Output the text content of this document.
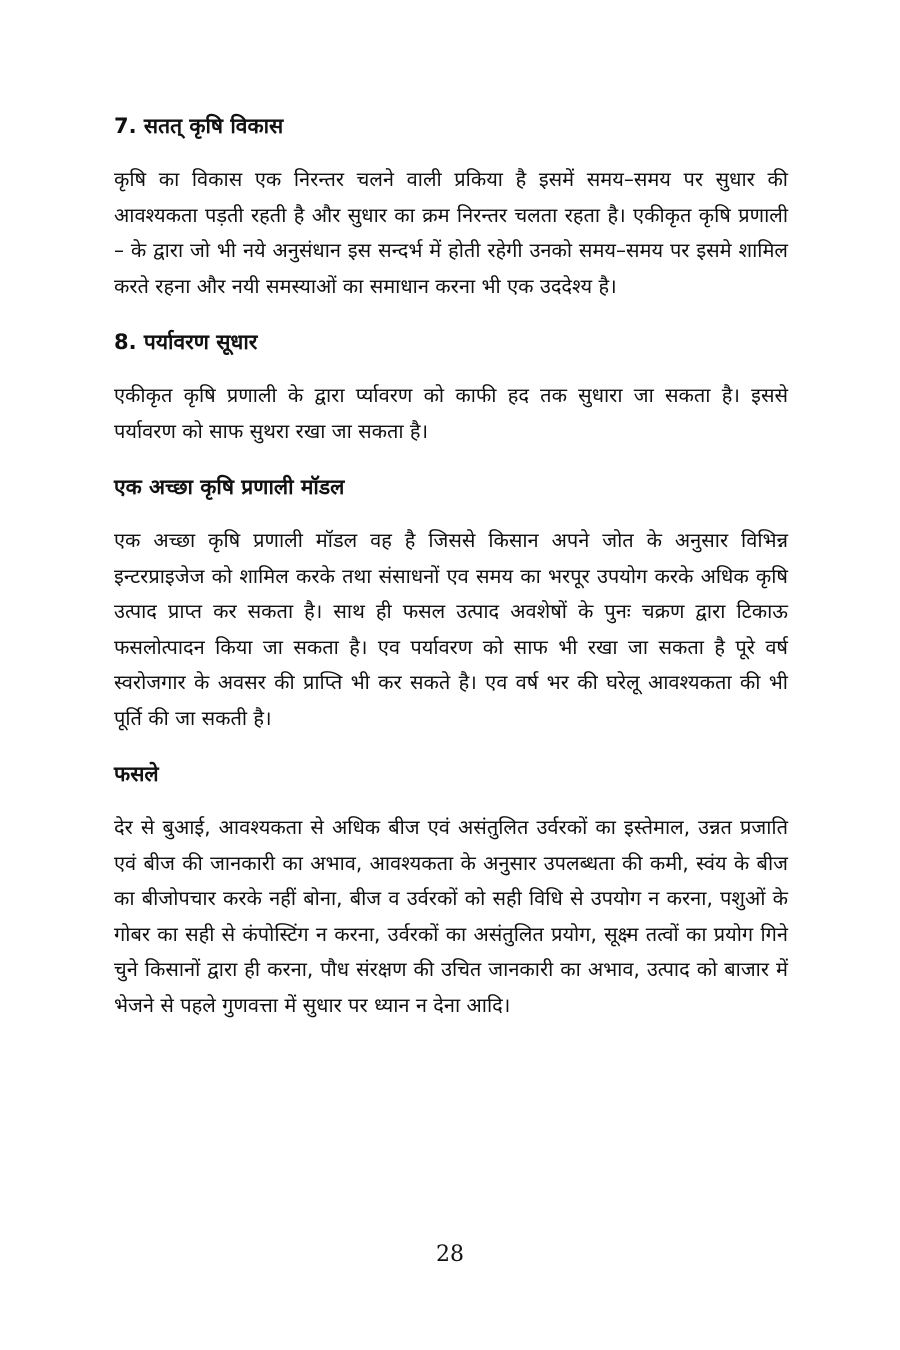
7. सतत् कृषि विकास

कृषि का विकास एक निरन्तर चलने वाली प्रकिया है इसमें समय–समय पर सुधार की आवश्यकता पड़ती रहती है और सुधार का क्रम निरन्तर चलता रहता है। एकीकृत कृषि प्रणाली – के द्वारा जो भी नये अनुसंधान इस सन्दर्भ में होती रहेगी उनको समय–समय पर इसमे शामिल करते रहना और नयी समस्याओं का समाधान करना भी एक उददेश्य है।

8. पर्यावरण सूधार

एकीकृत कृषि प्रणाली के द्वारा र्प्यावरण को काफी हद तक सुधारा जा सकता है। इससे पर्यावरण को साफ सुथरा रखा जा सकता है।

एक अच्छा कृषि प्रणाली मॉडल

एक अच्छा कृषि प्रणाली मॉडल वह है जिससे किसान अपने जोत के अनुसार विभिन्न इन्टरप्राइजेज को शामिल करके तथा संसाधनों एव समय का भरपूर उपयोग करके अधिक कृषि उत्पाद प्राप्त कर सकता है। साथ ही फसल उत्पाद अवशेषों के पुनः चक्रण द्वारा टिकाऊ फसलोत्पादन किया जा सकता है। एव पर्यावरण को साफ भी रखा जा सकता है पूरे वर्ष स्वरोजगार के अवसर की प्राप्ति भी कर सकते है। एव वर्ष भर की घरेलू आवश्यकता की भी पूर्ति की जा सकती है।

फसले

देर से बुआई, आवश्यकता से अधिक बीज एवं असंतुलित उर्वरकों का इस्तेमाल, उन्नत प्रजाति एवं बीज की जानकारी का अभाव, आवश्यकता के अनुसार उपलब्धता की कमी, स्वंय के बीज का बीजोपचार करके नहीं बोना, बीज व उर्वरकों को सही विधि से उपयोग न करना, पशुओं के गोबर का सही से कंपोस्टिंग न करना, उर्वरकों का असंतुलित प्रयोग, सूक्ष्म तत्वों का प्रयोग गिने चुने किसानों द्वारा ही करना, पौध संरक्षण की उचित जानकारी का अभाव, उत्पाद को बाजार में भेजने से पहले गुणवत्ता में सुधार पर ध्यान न देना आदि।

28
